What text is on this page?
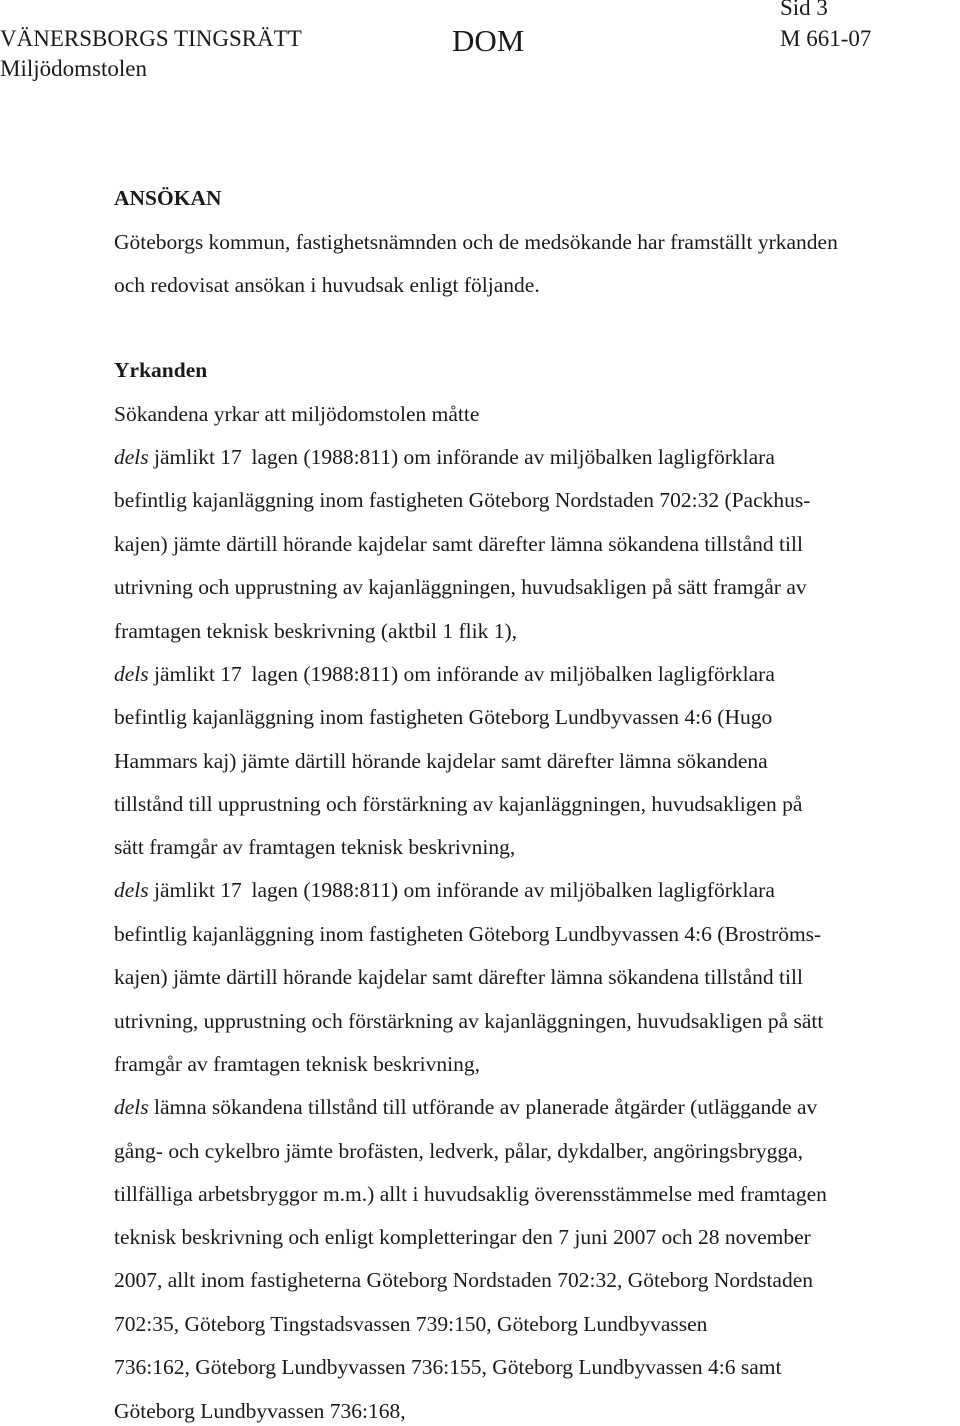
VÄNERSBORGS TINGSRÄTT
Miljödomstolen
DOM
Sid 3
M 661-07
ANSÖKAN
Göteborgs kommun, fastighetsnämnden och de medsökande har framställt yrkanden
och redovisat ansökan i huvudsak enligt följande.
Yrkanden
Sökandena yrkar att miljödomstolen måtte
dels jämlikt 17 lagen (1988:811) om införande av miljöbalken lagligförklara
befintlig kajanläggning inom fastigheten Göteborg Nordstaden 702:32 (Packhus-
kajen) jämte därtill hörande kajdelar samt därefter lämna sökandena tillstånd till
utrivning och upprustning av kajanläggningen, huvudsakligen på sätt framgår av
framtagen teknisk beskrivning (aktbil 1 flik 1),
dels jämlikt 17 lagen (1988:811) om införande av miljöbalken lagligförklara
befintlig kajanläggning inom fastigheten Göteborg Lundbyvassen 4:6 (Hugo
Hammars kaj) jämte därtill hörande kajdelar samt därefter lämna sökandena
tillstånd till upprustning och förstärkning av kajanläggningen, huvudsakligen på
sätt framgår av framtagen teknisk beskrivning,
dels jämlikt 17 lagen (1988:811) om införande av miljöbalken lagligförklara
befintlig kajanläggning inom fastigheten Göteborg Lundbyvassen 4:6 (Broströms-
kajen) jämte därtill hörande kajdelar samt därefter lämna sökandena tillstånd till
utrivning, upprustning och förstärkning av kajanläggningen, huvudsakligen på sätt
framgår av framtagen teknisk beskrivning,
dels lämna sökandena tillstånd till utförande av planerade åtgärder (utläggande av
gång- och cykelbro jämte brofästen, ledverk, pålar, dykdalber, angöringsbrygga,
tillfälliga arbetsbryggor m.m.) allt i huvudsaklig överensstämmelse med framtagen
teknisk beskrivning och enligt kompletteringar den 7 juni 2007 och 28 november
2007, allt inom fastigheterna Göteborg Nordstaden 702:32, Göteborg Nordstaden
702:35, Göteborg Tingstadsvassen 739:150, Göteborg Lundbyvassen
736:162, Göteborg Lundbyvassen 736:155, Göteborg Lundbyvassen 4:6 samt
Göteborg Lundbyvassen 736:168,
